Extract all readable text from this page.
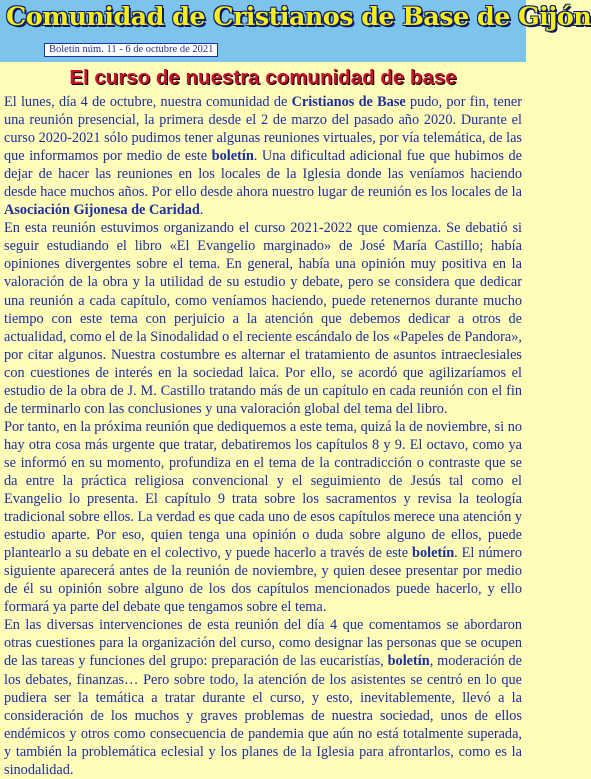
Comunidad de Cristianos de Base de Gijón
Boletín núm. 11 - 6 de octubre de 2021
El curso de nuestra comunidad de base

El lunes, día 4 de octubre, nuestra comunidad de Cristianos de Base pudo, por fin, tener una reunión presencial, la primera desde el 2 de marzo del pasado año 2020. Durante el curso 2020-2021 sólo pudimos tener algunas reuniones virtuales, por vía telemática, de las que informamos por medio de este boletín. Una dificultad adicional fue que hubimos de dejar de hacer las reuniones en los locales de la Iglesia donde las veníamos haciendo desde hace muchos años. Por ello desde ahora nuestro lugar de reunión es los locales de la Asociación Gijonesa de Caridad.

En esta reunión estuvimos organizando el curso 2021-2022 que comienza. Se debatió si seguir estudiando el libro «El Evangelio marginado» de José María Castillo; había opiniones divergentes sobre el tema. En general, había una opinión muy positiva en la valoración de la obra y la utilidad de su estudio y debate, pero se considera que dedicar una reunión a cada capítulo, como veníamos haciendo, puede retenernos durante mucho tiempo con este tema con perjuicio a la atención que debemos dedicar a otros de actualidad, como el de la Sinodalidad o el reciente escándalo de los «Papeles de Pandora», por citar algunos. Nuestra costumbre es alternar el tratamiento de asuntos intraeclesiales con cuestiones de interés en la sociedad laica. Por ello, se acordó que agilizaríamos el estudio de la obra de J. M. Castillo tratando más de un capítulo en cada reunión con el fin de terminarlo con las conclusiones y una valoración global del tema del libro.

Por tanto, en la próxima reunión que dediquemos a este tema, quizá la de noviembre, si no hay otra cosa más urgente que tratar, debatiremos los capítulos 8 y 9. El octavo, como ya se informó en su momento, profundiza en el tema de la contradicción o contraste que se da entre la práctica religiosa convencional y el seguimiento de Jesús tal como el Evangelio lo presenta. El capítulo 9 trata sobre los sacramentos y revisa la teología tradicional sobre ellos. La verdad es que cada uno de esos capítulos merece una atención y estudio aparte. Por eso, quien tenga una opinión o duda sobre alguno de ellos, puede plantearlo a su debate en el colectivo, y puede hacerlo a través de este boletín. El número siguiente aparecerá antes de la reunión de noviembre, y quien desee presentar por medio de él su opinión sobre alguno de los dos capítulos mencionados puede hacerlo, y ello formará ya parte del debate que tengamos sobre el tema.

En las diversas intervenciones de esta reunión del día 4 que comentamos se abordaron otras cuestiones para la organización del curso, como designar las personas que se ocupen de las tareas y funciones del grupo: preparación de las eucaristías, boletín, moderación de los debates, finanzas… Pero sobre todo, la atención de los asistentes se centró en lo que pudiera ser la temática a tratar durante el curso, y esto, inevitablemente, llevó a la consideración de los muchos y graves problemas de nuestra sociedad, unos de ellos endémicos y otros como consecuencia de pandemia que aún no está totalmente superada, y también la problemática eclesial y los planes de la Iglesia para afrontarlos, como es la sinodalidad.
